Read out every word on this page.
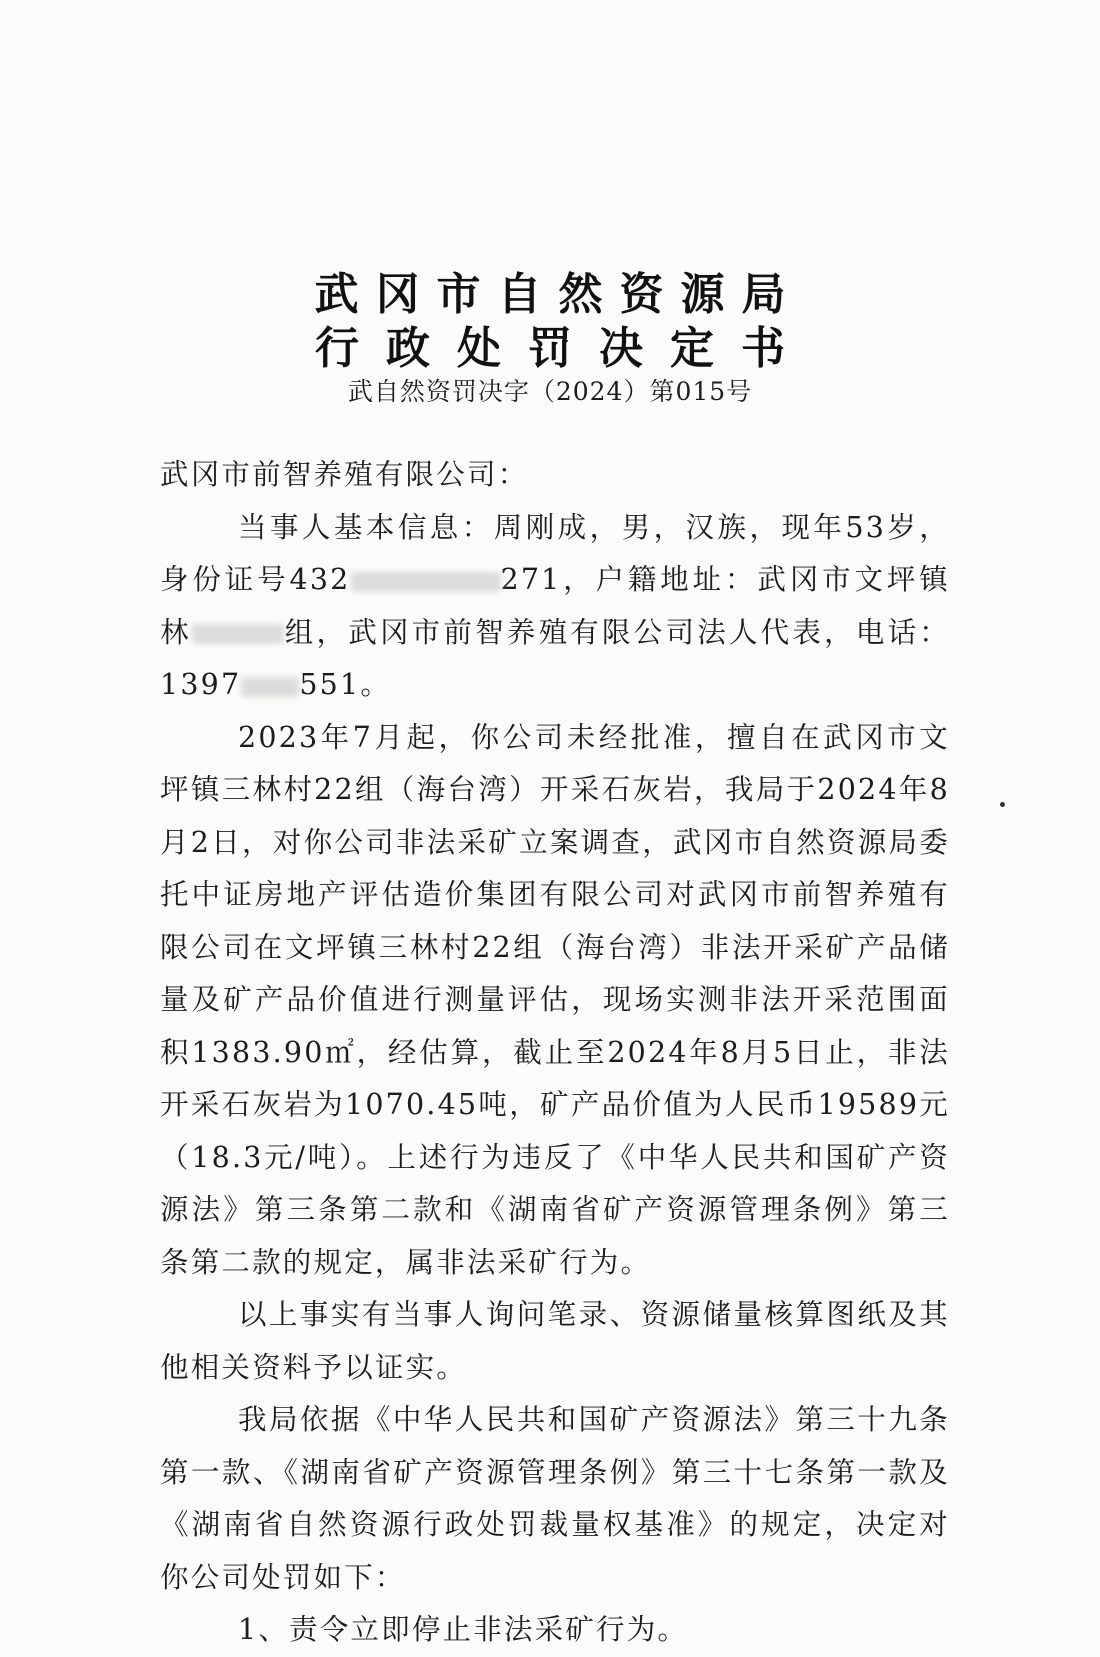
武冈市自然资源局
行政处罚决定书
武自然资罚决字（2024）第015号

武冈市前智养殖有限公司：

当事人基本信息：周刚成，男，汉族，现年53岁，身份证号432	271，户籍地址：武冈市文坪镇林	组，武冈市前智养殖有限公司法人代表，电话：1397 551。

2023年7月起，你公司未经批准，擅自在武冈市文坪镇三林村22组（海台湾）开采石灰岩，我局于2024年8月2日，对你公司非法采矿立案调查，武冈市自然资源局委托中证房地产评估造价集团有限公司对武冈市前智养殖有限公司在文坪镇三林村22组（海台湾）非法开采矿产品储量及矿产品价值进行测量评估，现场实测非法开采范围面积1383.90㎡，经估算，截止至2024年8月5日止，非法开采石灰岩为1070.45吨，矿产品价值为人民币19589元（18.3元/吨）。上述行为违反了《中华人民共和国矿产资源法》第三条第二款和《湖南省矿产资源管理条例》第三条第二款的规定，属非法采矿行为。

以上事实有当事人询问笔录、资源储量核算图纸及其他相关资料予以证实。

我局依据《中华人民共和国矿产资源法》第三十九条第一款、《湖南省矿产资源管理条例》第三十七条第一款及《湖南省自然资源行政处罚裁量权基准》的规定，决定对你公司处罚如下：

1、责令立即停止非法采矿行为。
